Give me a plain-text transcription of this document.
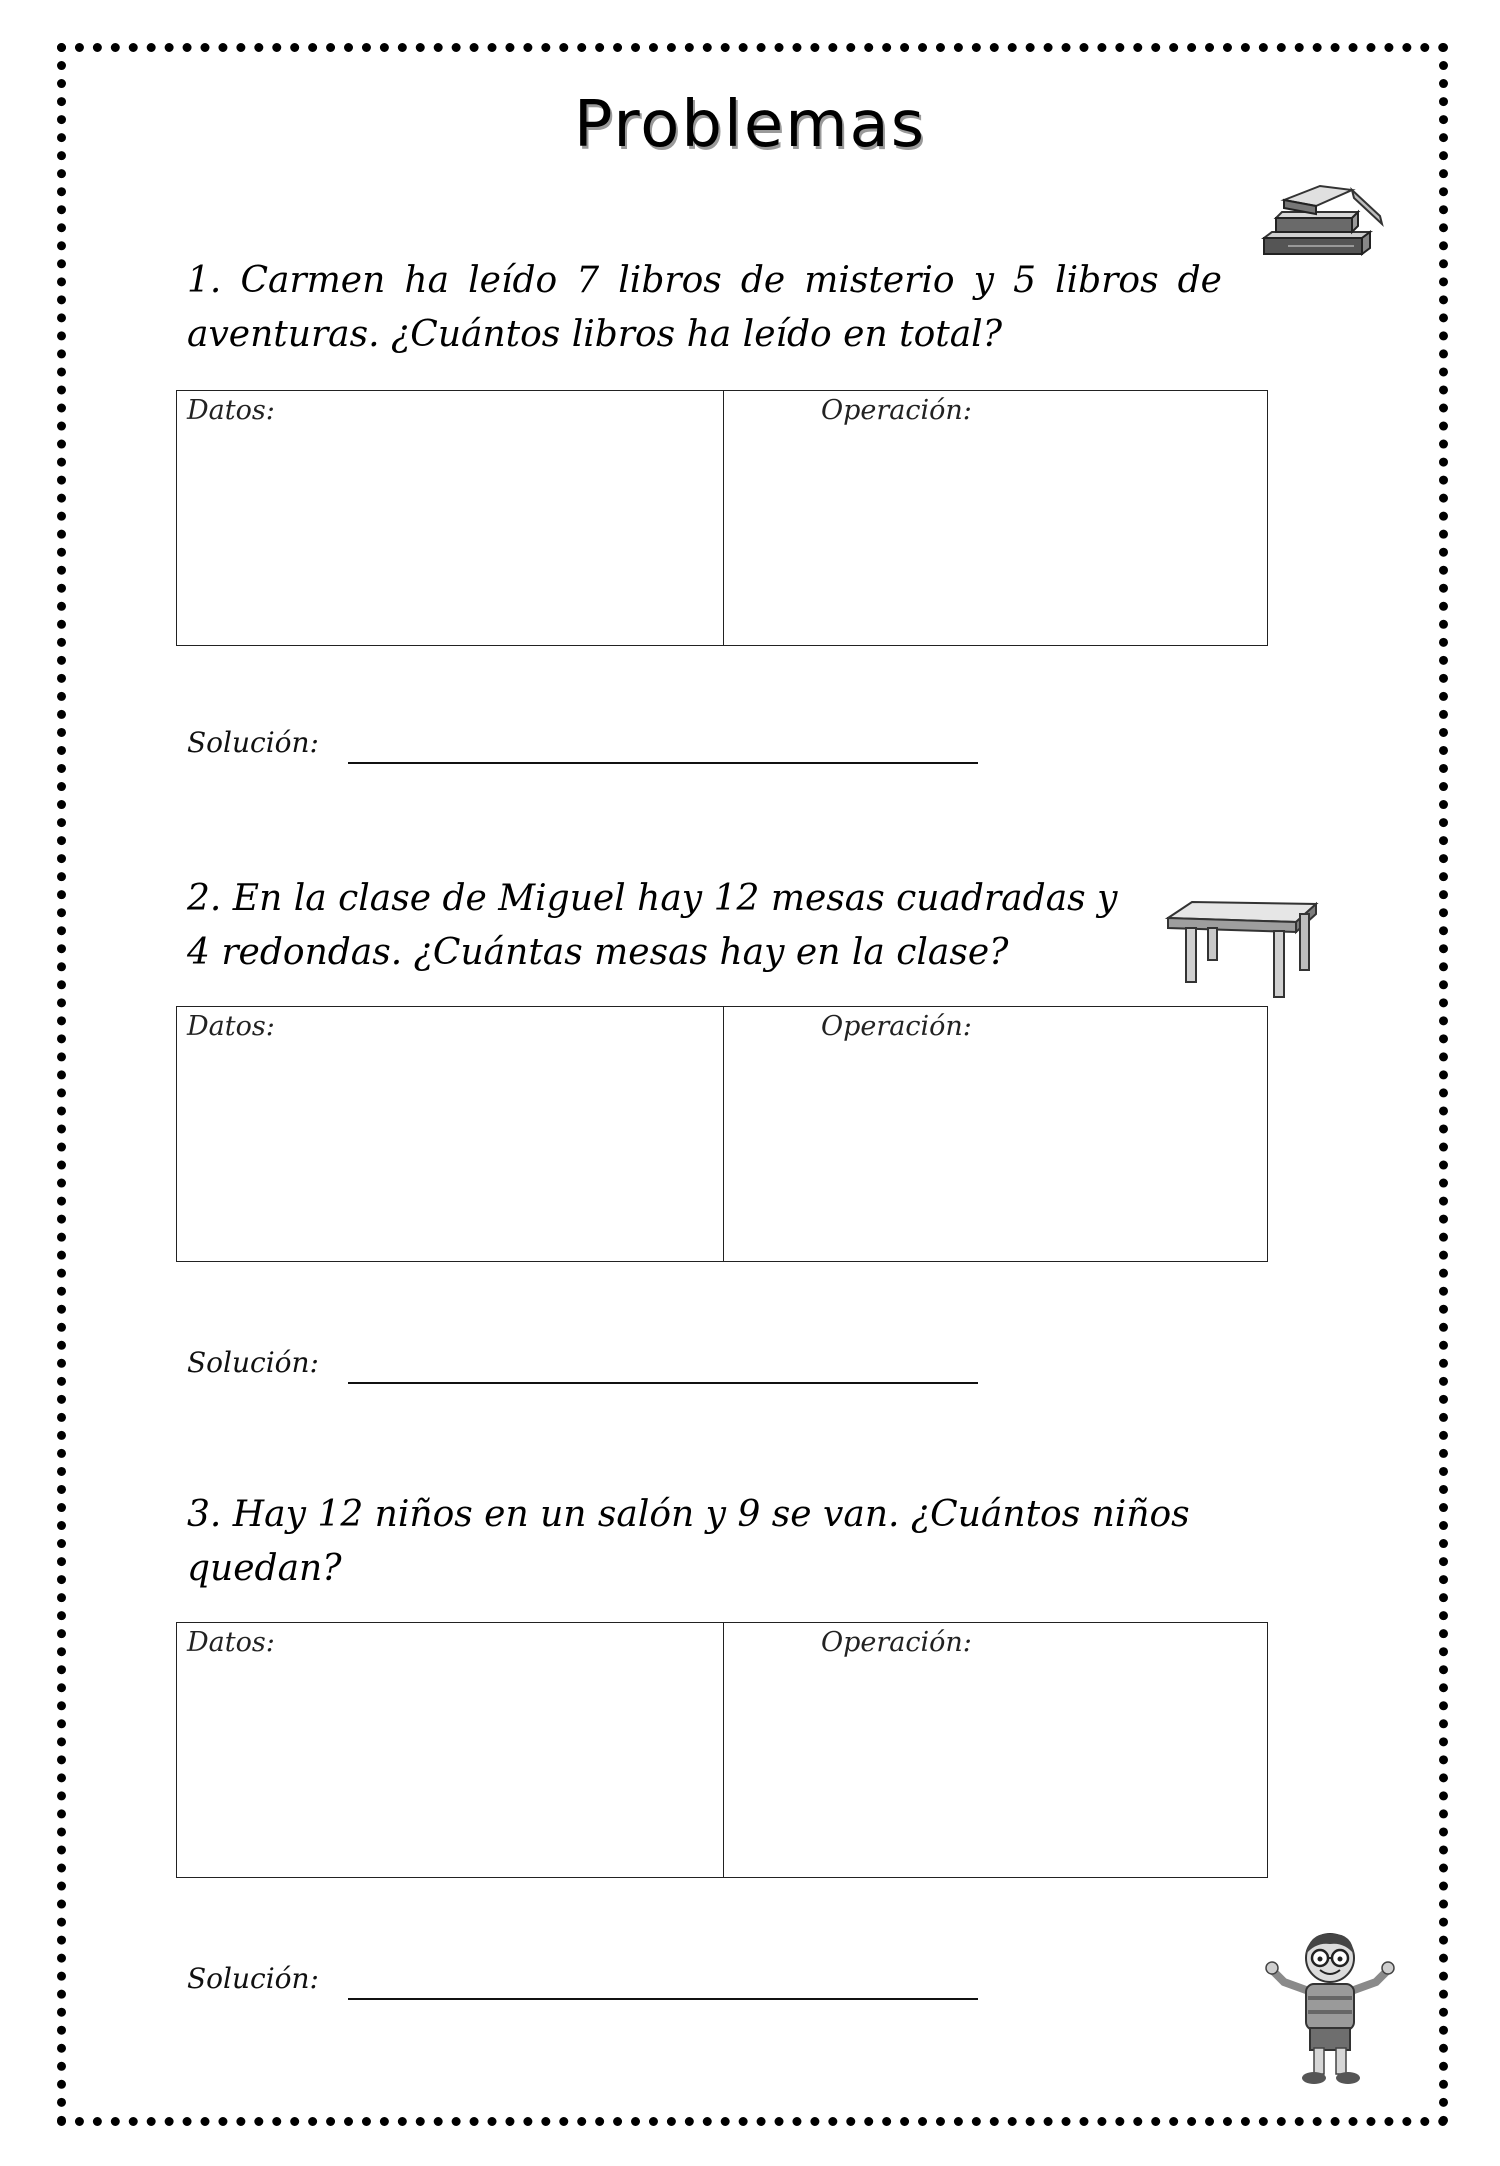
Problemas
1. Carmen ha leído 7 libros de misterio y 5 libros de
aventuras. ¿Cuántos libros ha leído en total?
Datos:	Operación:
Solución:
2. En la clase de Miguel hay 12 mesas cuadradas y
4 redondas. ¿Cuántas mesas hay en la clase?
Datos:	Operación:
Solución:
3. Hay 12 niños en un salón y 9 se van. ¿Cuántos niños
quedan?
Datos:	Operación:
Solución:
